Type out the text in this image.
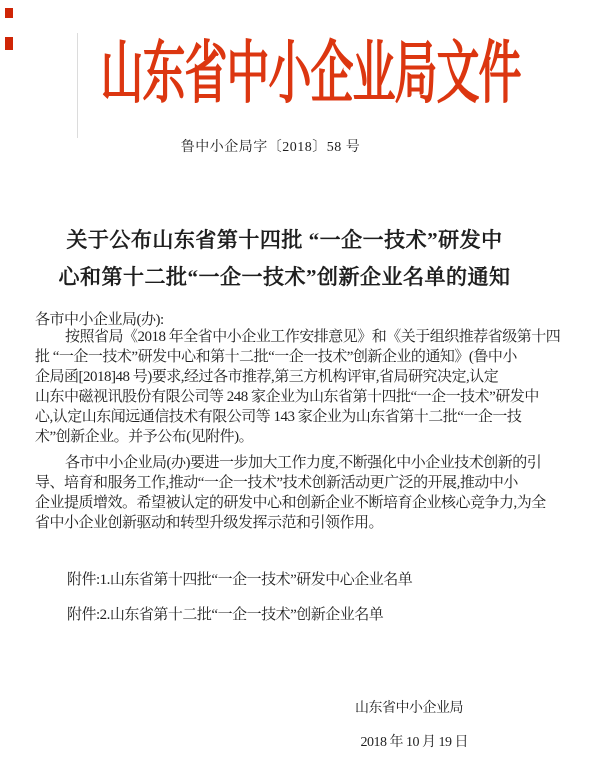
山东省中小企业局文件
鲁中小企局字〔2018〕58 号
关于公布山东省第十四批 “一企一技术”研发中
心和第十二批“一企一技术”创新企业名单的通知
各市中小企业局(办):
按照省局《2018 年全省中小企业工作安排意见》和《关于组织推荐省级第十四
批 “一企一技术”研发中心和第十二批“一企一技术”创新企业的通知》(鲁中小
企局函[2018]48 号)要求,经过各市推荐,第三方机构评审,省局研究决定,认定
山东中磁视讯股份有限公司等 248 家企业为山东省第十四批“一企一技术”研发中
心,认定山东闻远通信技术有限公司等 143 家企业为山东省第十二批“一企一技
术”创新企业。并予公布(见附件)。
各市中小企业局(办)要进一步加大工作力度,不断强化中小企业技术创新的引
导、培育和服务工作,推动“一企一技术”技术创新活动更广泛的开展,推动中小
企业提质增效。希望被认定的研发中心和创新企业不断培育企业核心竞争力,为全
省中小企业创新驱动和转型升级发挥示范和引领作用。
附件:1.山东省第十四批“一企一技术”研发中心企业名单
附件:2.山东省第十二批“一企一技术”创新企业名单
山东省中小企业局
2018 年 10 月 19 日
